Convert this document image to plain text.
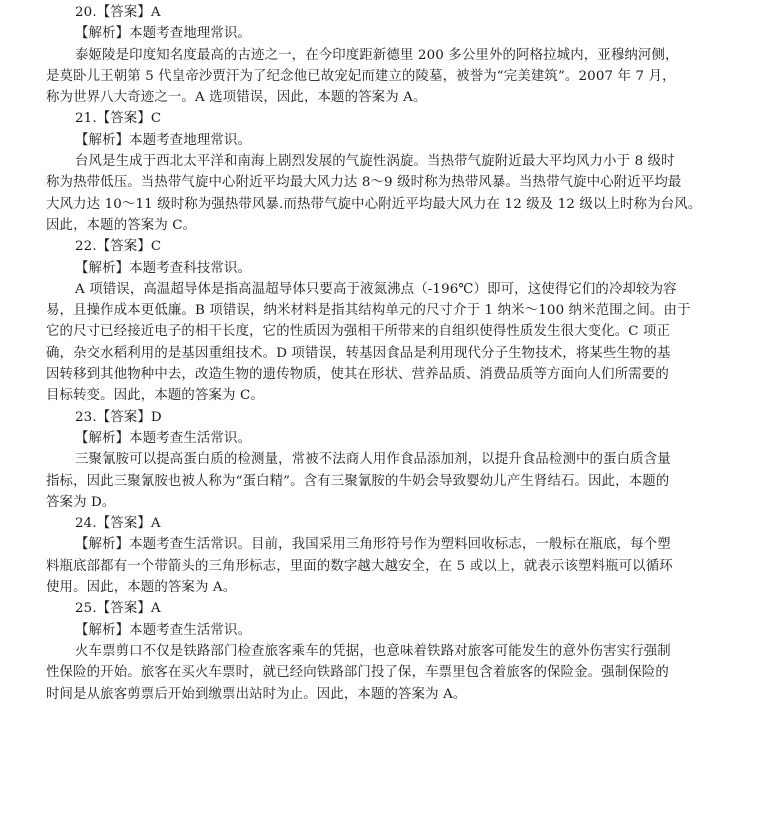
20.【答案】A
【解析】本题考查地理常识。
泰姬陵是印度知名度最高的古迹之一，在今印度距新德里 200 多公里外的阿格拉城内，亚穆纳河侧，
是莫卧儿王朝第 5 代皇帝沙贾汗为了纪念他已故宠妃而建立的陵墓，被誉为“完美建筑”。2007 年 7 月，
称为世界八大奇迹之一。A 选项错误，因此，本题的答案为 A。
21.【答案】C
【解析】本题考查地理常识。
台风是生成于西北太平洋和南海上剧烈发展的气旋性涡旋。当热带气旋附近最大平均风力小于 8 级时
称为热带低压。当热带气旋中心附近平均最大风力达 8～9 级时称为热带风暴。当热带气旋中心附近平均最
大风力达 10～11 级时称为强热带风暴.而热带气旋中心附近平均最大风力在 12 级及 12 级以上时称为台风。
因此，本题的答案为 C。
22.【答案】C
【解析】本题考查科技常识。
A 项错误，高温超导体是指高温超导体只要高于液氮沸点（-196℃）即可，这使得它们的冷却较为容
易，且操作成本更低廉。B 项错误，纳米材料是指其结构单元的尺寸介于 1 纳米～100 纳米范围之间。由于
它的尺寸已经接近电子的相干长度，它的性质因为强相干所带来的自组织使得性质发生很大变化。C 项正
确，杂交水稻利用的是基因重组技术。D 项错误，转基因食品是利用现代分子生物技术，将某些生物的基
因转移到其他物种中去，改造生物的遗传物质，使其在形状、营养品质、消费品质等方面向人们所需要的
目标转变。因此，本题的答案为 C。
23.【答案】D
【解析】本题考查生活常识。
三聚氰胺可以提高蛋白质的检测量，常被不法商人用作食品添加剂，以提升食品检测中的蛋白质含量
指标，因此三聚氰胺也被人称为“蛋白精”。含有三聚氰胺的牛奶会导致婴幼儿产生肾结石。因此，本题的
答案为 D。
24.【答案】A
【解析】本题考查生活常识。目前，我国采用三角形符号作为塑料回收标志，一般标在瓶底，每个塑
料瓶底部都有一个带箭头的三角形标志，里面的数字越大越安全，在 5 或以上，就表示该塑料瓶可以循环
使用。因此，本题的答案为 A。
25.【答案】A
【解析】本题考查生活常识。
火车票剪口不仅是铁路部门检查旅客乘车的凭据，也意味着铁路对旅客可能发生的意外伤害实行强制
性保险的开始。旅客在买火车票时，就已经向铁路部门投了保，车票里包含着旅客的保险金。强制保险的
时间是从旅客剪票后开始到缴票出站时为止。因此，本题的答案为 A。
